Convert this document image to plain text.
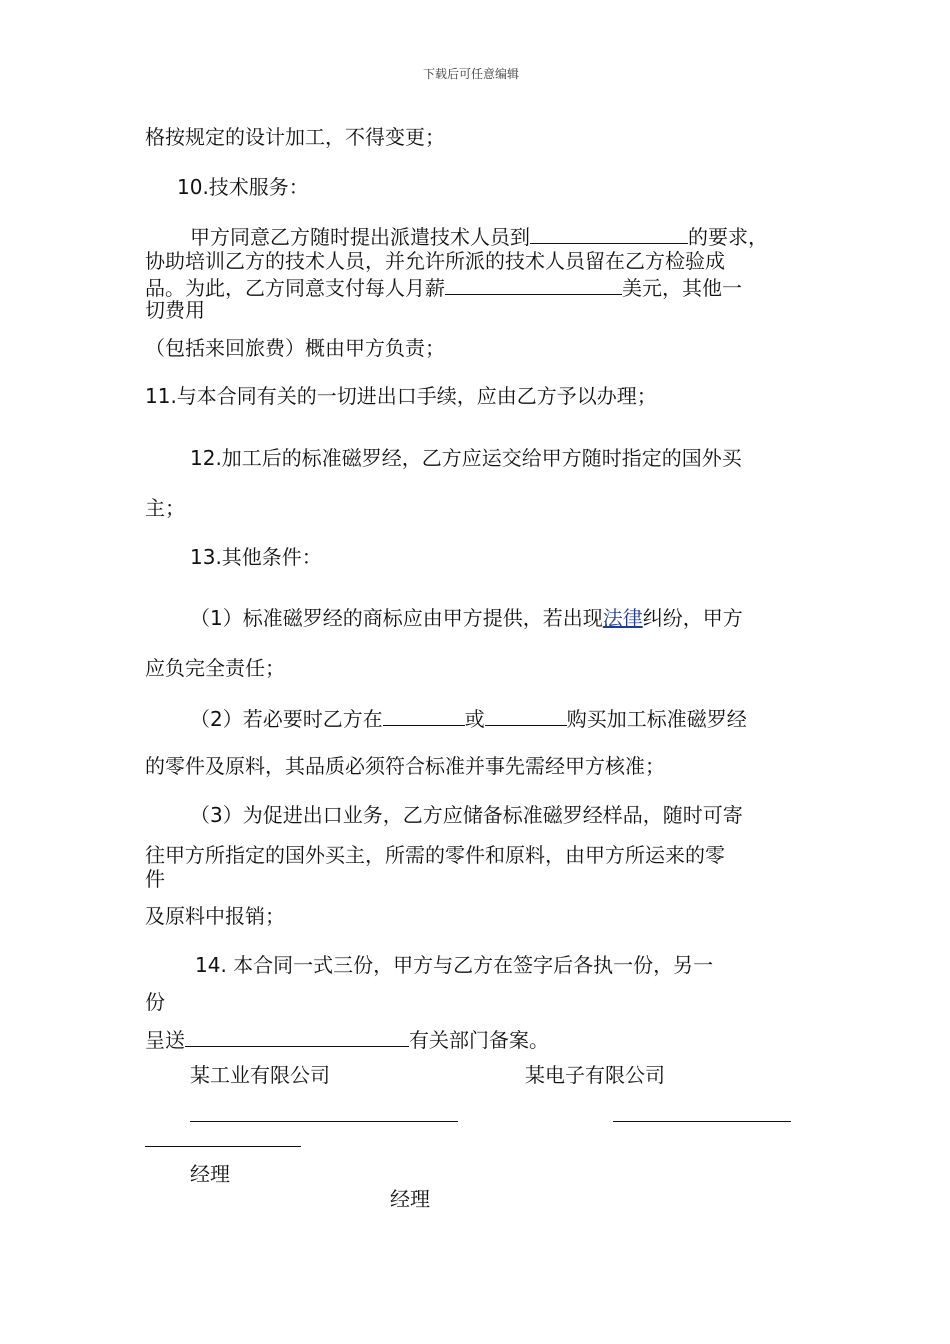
下载后可任意编辑
格按规定的设计加工，不得变更；
10.技术服务：
甲方同意乙方随时提出派遣技术人员到	的要求，
协助培训乙方的技术人员，并允许所派的技术人员留在乙方检验成
品。为此，乙方同意支付每人月薪	美元，其他一
切费用
（包括来回旅费）概由甲方负责；
11.与本合同有关的一切进出口手续，应由乙方予以办理；
12.加工后的标准磁罗经，乙方应运交给甲方随时指定的国外买
主；
13.其他条件：
（1）标准磁罗经的商标应由甲方提供，若出现法律纠纷，甲方
应负完全责任；
（2）若必要时乙方在	或	购买加工标准磁罗经
的零件及原料，其品质必须符合标准并事先需经甲方核准；
（3）为促进出口业务，乙方应储备标准磁罗经样品，随时可寄
往甲方所指定的国外买主，所需的零件和原料，由甲方所运来的零
件
及原料中报销；
14. 本合同一式三份，甲方与乙方在签字后各执一份，另一
份
呈送	有关部门备案。
某工业有限公司	某电子有限公司
经理
经理
